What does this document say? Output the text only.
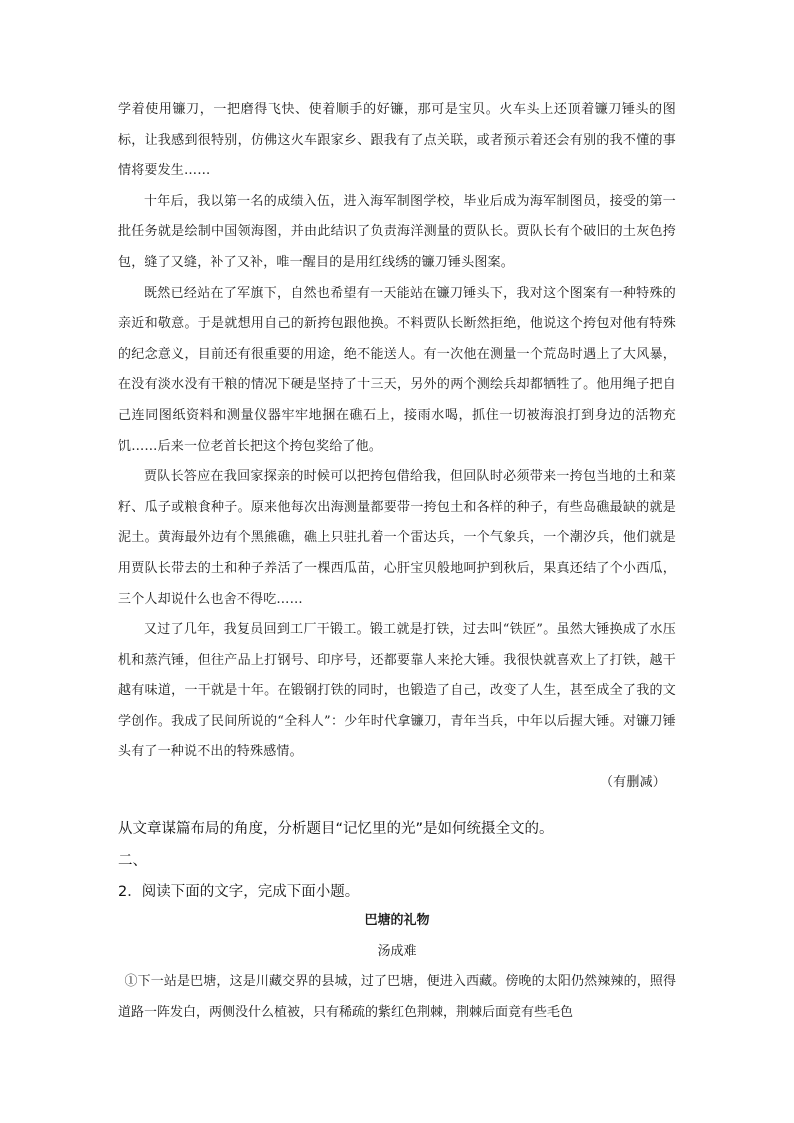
学着使用镰刀，一把磨得飞快、使着顺手的好镰，那可是宝贝。火车头上还顶着镰刀锤头的图标，让我感到很特别，仿佛这火车跟家乡、跟我有了点关联，或者预示着还会有别的我不懂的事情将要发生……

十年后，我以第一名的成绩入伍，进入海军制图学校，毕业后成为海军制图员，接受的第一批任务就是绘制中国领海图，并由此结识了负责海洋测量的贾队长。贾队长有个破旧的土灰色挎包，缝了又缝，补了又补，唯一醒目的是用红线绣的镰刀锤头图案。

既然已经站在了军旗下，自然也希望有一天能站在镰刀锤头下，我对这个图案有一种特殊的亲近和敬意。于是就想用自己的新挎包跟他换。不料贾队长断然拒绝，他说这个挎包对他有特殊的纪念意义，目前还有很重要的用途，绝不能送人。有一次他在测量一个荒岛时遇上了大风暴，在没有淡水没有干粮的情况下硬是坚持了十三天，另外的两个测绘兵却都牺牲了。他用绳子把自己连同图纸资料和测量仪器牢牢地捆在礁石上，接雨水喝，抓住一切被海浪打到身边的活物充饥……后来一位老首长把这个挎包奖给了他。

贾队长答应在我回家探亲的时候可以把挎包借给我，但回队时必须带来一挎包当地的土和菜籽、瓜子或粮食种子。原来他每次出海测量都要带一挎包土和各样的种子，有些岛礁最缺的就是泥土。黄海最外边有个黑熊礁，礁上只驻扎着一个雷达兵，一个气象兵，一个潮汐兵，他们就是用贾队长带去的土和种子养活了一棵西瓜苗，心肝宝贝般地呵护到秋后，果真还结了个小西瓜，三个人却说什么也舍不得吃……

又过了几年，我复员回到工厂干锻工。锻工就是打铁，过去叫“铁匠”。虽然大锤换成了水压机和蒸汽锤，但往产品上打钢号、印序号，还都要靠人来抡大锤。我很快就喜欢上了打铁，越干越有味道，一干就是十年。在锻钢打铁的同时，也锻造了自己，改变了人生，甚至成全了我的文学创作。我成了民间所说的“全科人”：少年时代拿镰刀，青年当兵，中年以后握大锤。对镰刀锤头有了一种说不出的特殊感情。

（有删减）

从文章谋篇布局的角度，分析题目“记忆里的光”是如何统摄全文的。
二、
2．阅读下面的文字，完成下面小题。

巴塘的礼物

汤成难

①下一站是巴塘，这是川藏交界的县城，过了巴塘，便进入西藏。傍晚的太阳仍然辣辣的，照得道路一阵发白，两侧没什么植被，只有稀疏的紫红色荆棘，荆棘后面竟有些毛色
